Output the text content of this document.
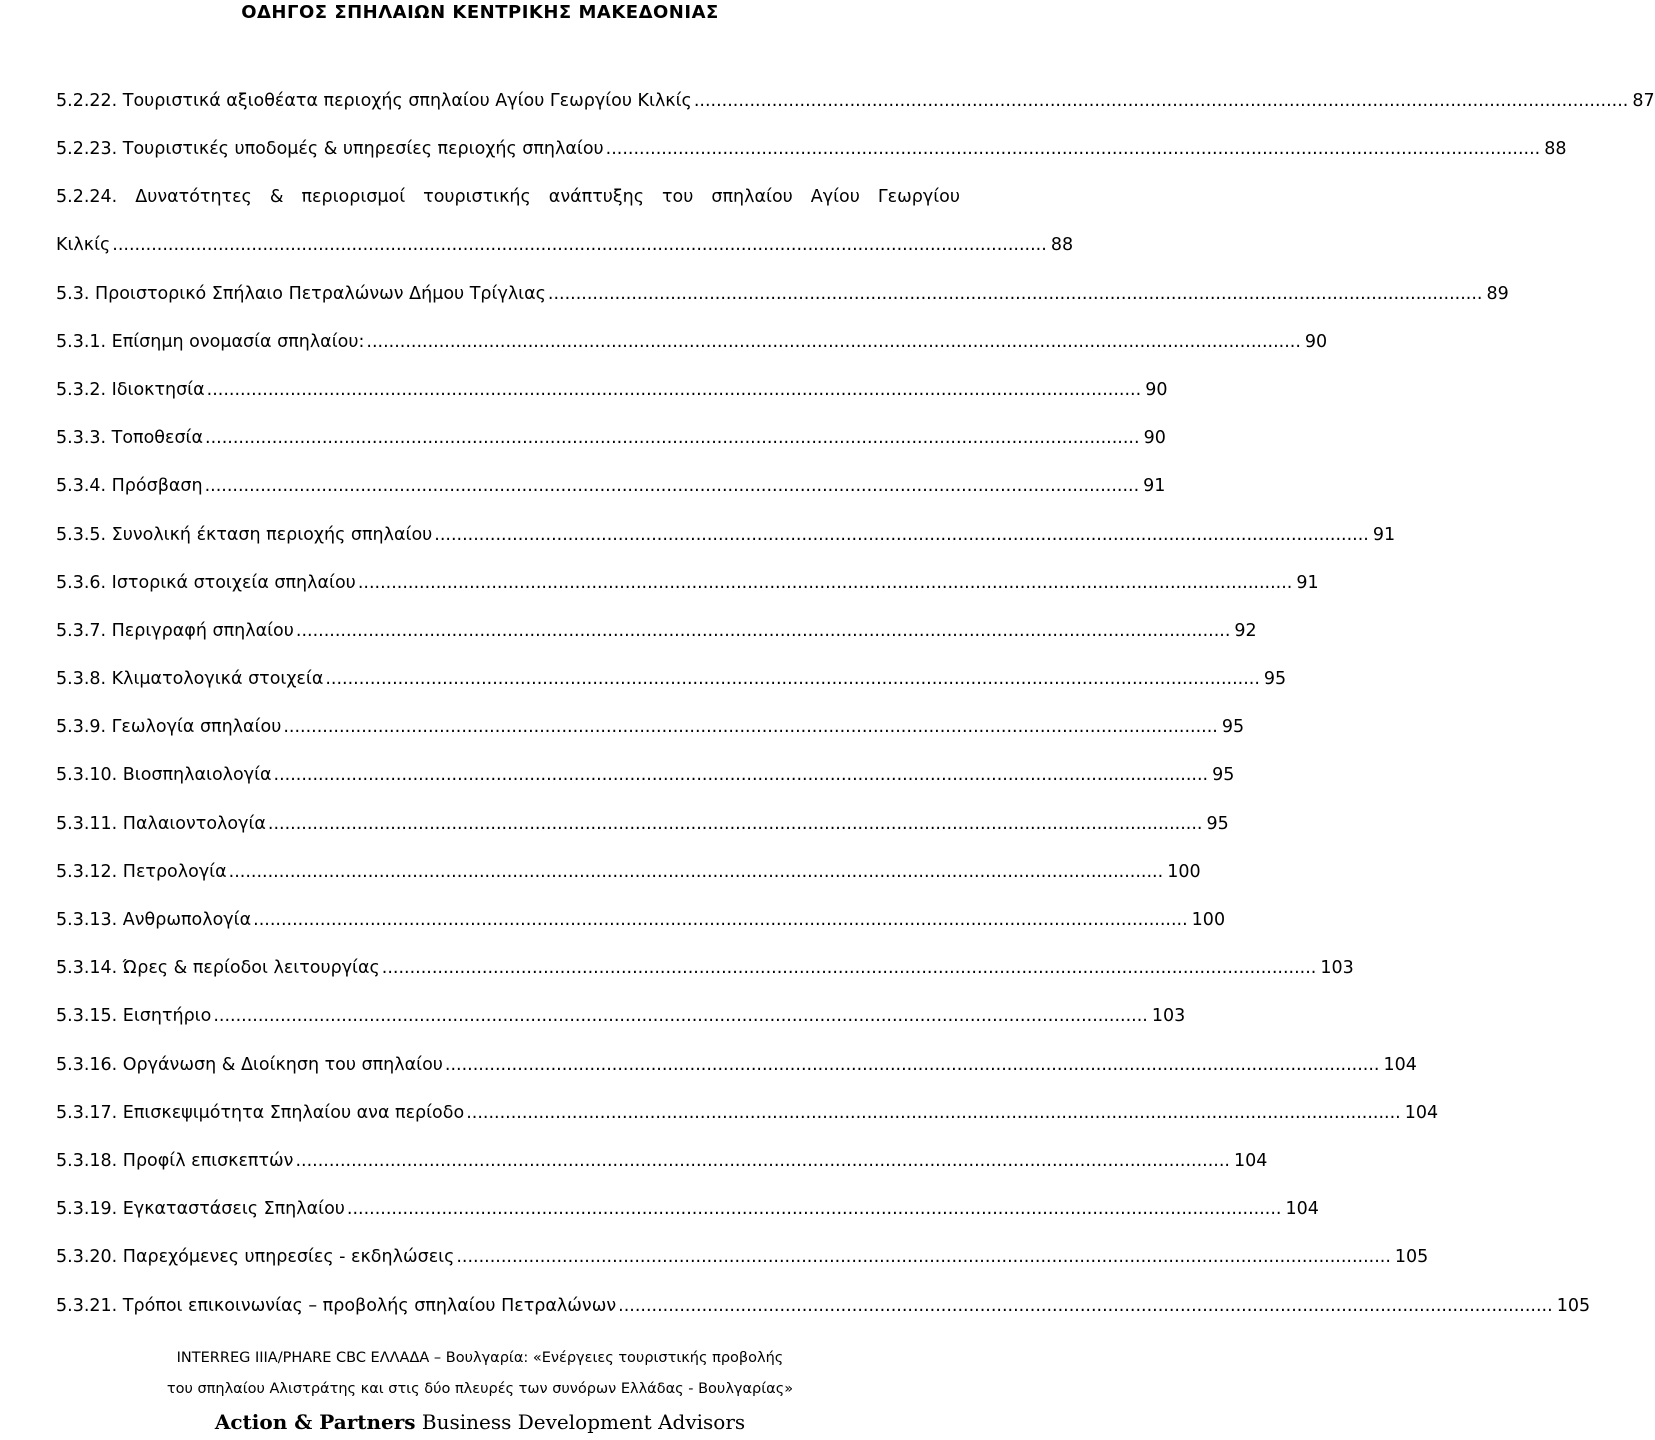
ΟΔΗΓΟΣ ΣΠΗΛΑΙΩΝ ΚΕΝΤΡΙΚΗΣ ΜΑΚΕΔΟΝΙΑΣ
5.2.22. Τουριστικά αξιοθέατα περιοχής σπηλαίου Αγίου Γεωργίου Κιλκίς ........................................................................................................................................................................ 87
5.2.23. Τουριστικές υποδομές & υπηρεσίες περιοχής σπηλαίου ........................................................................................................................................................................ 88
5.2.24. Δυνατότητες & περιορισμοί τουριστικής ανάπτυξης του σπηλαίου Αγίου Γεωργίου
Κιλκίς ........................................................................................................................................................................ 88
5.3. Προιστορικό Σπήλαιο Πετραλώνων Δήμου Τρίγλιας ........................................................................................................................................................................ 89
5.3.1. Επίσημη ονομασία σπηλαίου: ........................................................................................................................................................................ 90
5.3.2. Ιδιοκτησία ........................................................................................................................................................................ 90
5.3.3. Τοποθεσία ........................................................................................................................................................................ 90
5.3.4. Πρόσβαση ........................................................................................................................................................................ 91
5.3.5. Συνολική έκταση περιοχής σπηλαίου ........................................................................................................................................................................ 91
5.3.6. Ιστορικά στοιχεία σπηλαίου ........................................................................................................................................................................ 91
5.3.7. Περιγραφή σπηλαίου ........................................................................................................................................................................ 92
5.3.8. Κλιματολογικά στοιχεία ........................................................................................................................................................................ 95
5.3.9. Γεωλογία σπηλαίου ........................................................................................................................................................................ 95
5.3.10. Βιοσπηλαιολογία ........................................................................................................................................................................ 95
5.3.11. Παλαιοντολογία ........................................................................................................................................................................ 95
5.3.12. Πετρολογία ........................................................................................................................................................................ 100
5.3.13. Ανθρωπολογία ........................................................................................................................................................................ 100
5.3.14. Ώρες & περίοδοι λειτουργίας ........................................................................................................................................................................ 103
5.3.15. Εισητήριο ........................................................................................................................................................................ 103
5.3.16. Οργάνωση & Διοίκηση του σπηλαίου ........................................................................................................................................................................ 104
5.3.17. Επισκεψιμότητα Σπηλαίου ανα περίοδο ........................................................................................................................................................................ 104
5.3.18. Προφίλ επισκεπτών ........................................................................................................................................................................ 104
5.3.19. Εγκαταστάσεις Σπηλαίου ........................................................................................................................................................................ 104
5.3.20. Παρεχόμενες υπηρεσίες - εκδηλώσεις ........................................................................................................................................................................ 105
5.3.21. Τρόποι επικοινωνίας – προβολής σπηλαίου Πετραλώνων ........................................................................................................................................................................ 105
INTERREG IIIA/PHARE CBC ΕΛΛΑΔΑ – Βουλγαρία: «Ενέργειες τουριστικής προβολής
του σπηλαίου Αλιστράτης και στις δύο πλευρές των συνόρων Ελλάδας - Βουλγαρίας»
Action & Partners Business Development Advisors
